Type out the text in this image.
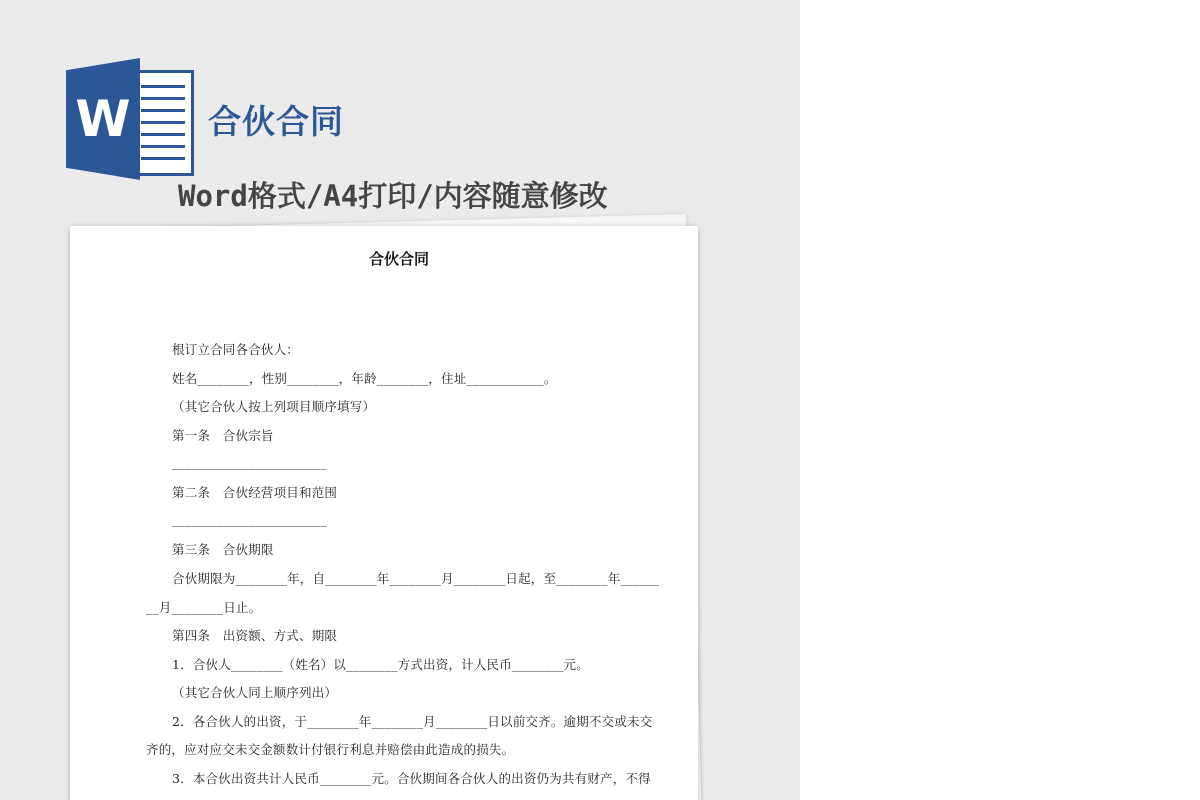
W 合伙合同
Word格式/A4打印/内容随意修改
合伙合同
根订立合同各合伙人：
姓名________，性别________，年龄________，住址____________。
（其它合伙人按上列项目顺序填写）
第一条　合伙宗旨
________________________
第二条　合伙经营项目和范围
________________________
第三条　合伙期限
合伙期限为________年，自________年________月________日起，至________年______
__月________日止。
第四条　出资额、方式、期限
1．合伙人________（姓名）以________方式出资，计人民币________元。
（其它合伙人同上顺序列出）
2．各合伙人的出资，于________年________月________日以前交齐。逾期不交或未交
齐的，应对应交未交金额数计付银行利息并赔偿由此造成的损失。
3．本合伙出资共计人民币________元。合伙期间各合伙人的出资仍为共有财产，不得
